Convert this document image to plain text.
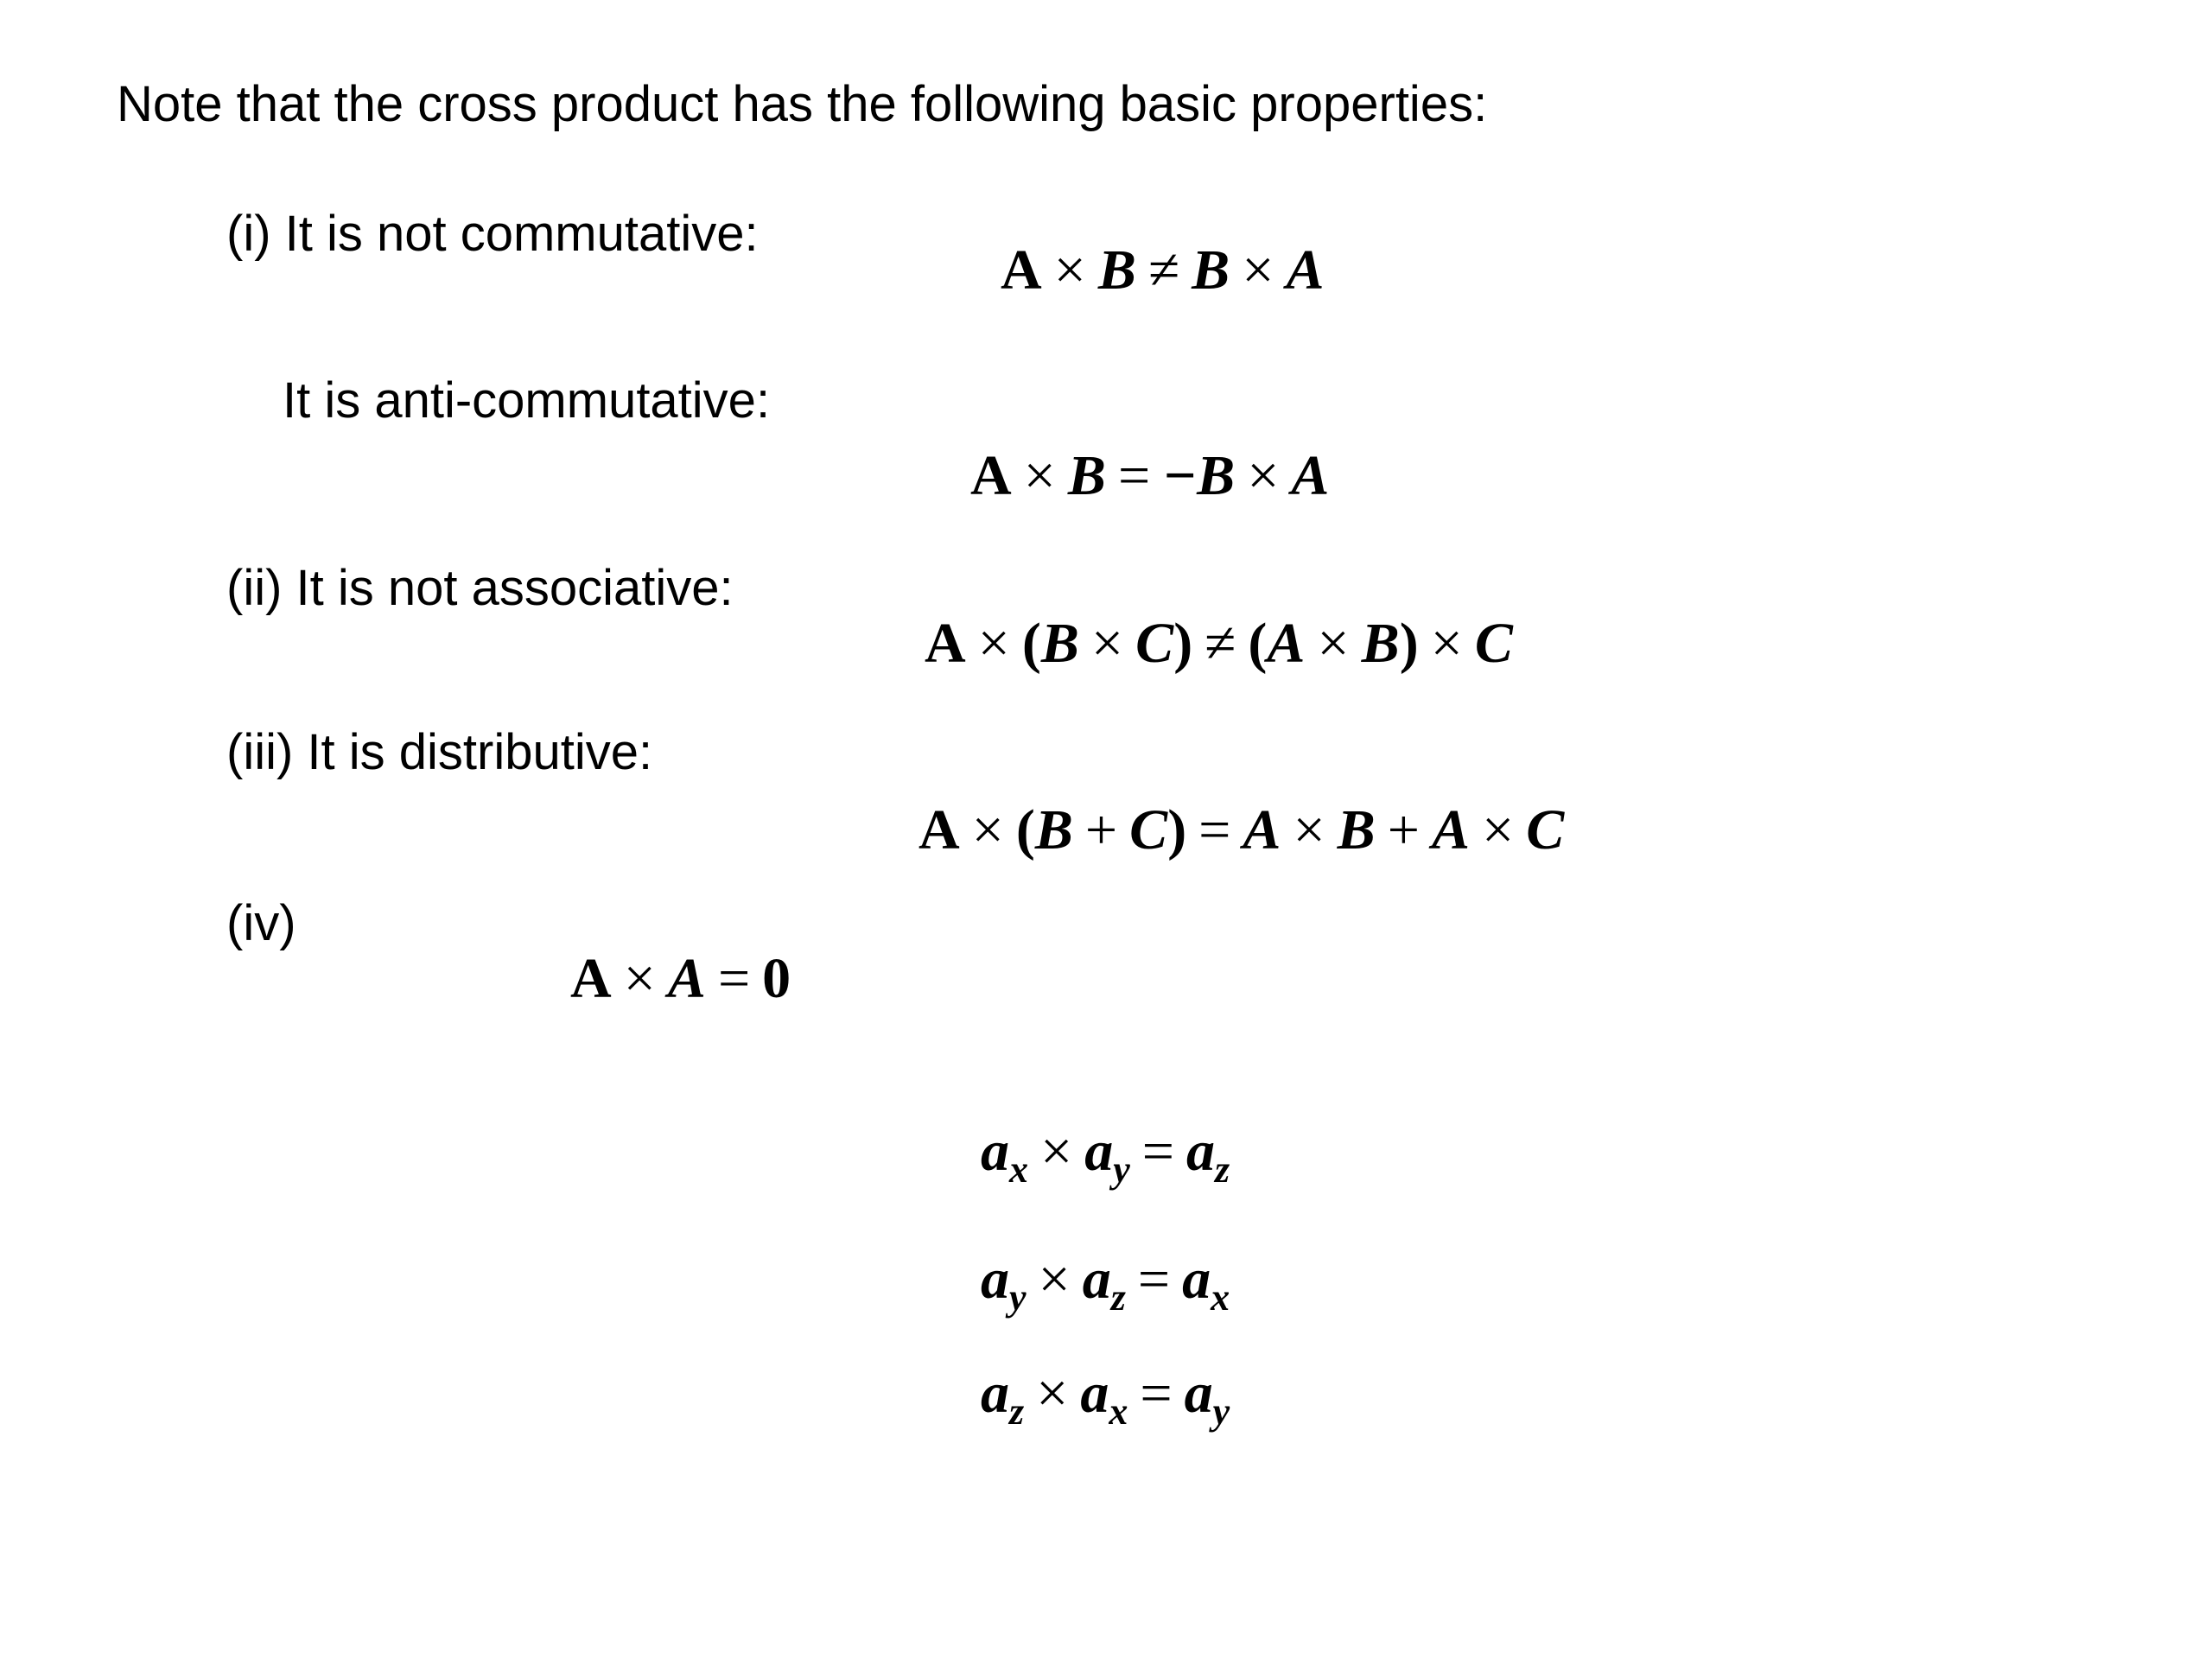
Note that the cross product has the following basic properties:
(i) It is not commutative:
A × B ≠ B × A
It is anti-commutative:
A × B = −B × A
(ii) It is not associative:
A × (B × C) ≠ (A × B) × C
(iii) It is distributive:
A × (B + C) = A × B + A × C
(iv)
A × A = 0
$a_x \times a_y = a_z$
$a_y \times a_z = a_x$
$a_z \times a_x = a_y$
